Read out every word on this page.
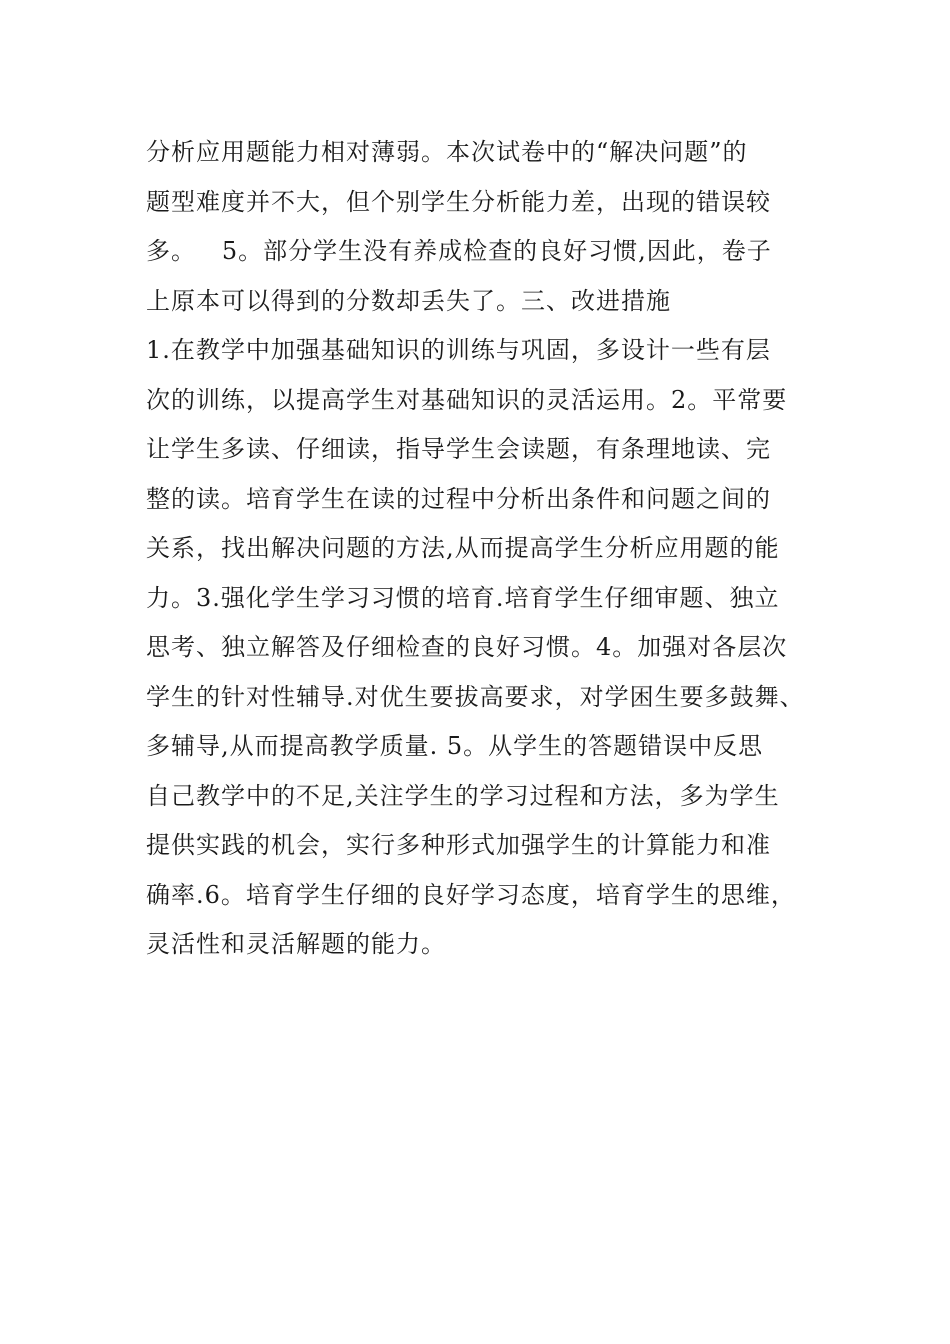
分析应用题能力相对薄弱。本次试卷中的“解决问题”的
题型难度并不大，但个别学生分析能力差，出现的错误较
多。   5。部分学生没有养成检查的良好习惯,因此，卷子
上原本可以得到的分数却丢失了。三、改进措施
1.在教学中加强基础知识的训练与巩固，多设计一些有层
次的训练，以提高学生对基础知识的灵活运用。2。平常要
让学生多读、仔细读，指导学生会读题，有条理地读、完
整的读。培育学生在读的过程中分析出条件和问题之间的
关系，找出解决问题的方法,从而提高学生分析应用题的能
力。3.强化学生学习习惯的培育.培育学生仔细审题、独立
思考、独立解答及仔细检查的良好习惯。4。加强对各层次
学生的针对性辅导.对优生要拔高要求，对学困生要多鼓舞、
多辅导,从而提高教学质量. 5。从学生的答题错误中反思
自己教学中的不足,关注学生的学习过程和方法，多为学生
提供实践的机会，实行多种形式加强学生的计算能力和准
确率.6。培育学生仔细的良好学习态度，培育学生的思维，
灵活性和灵活解题的能力。
